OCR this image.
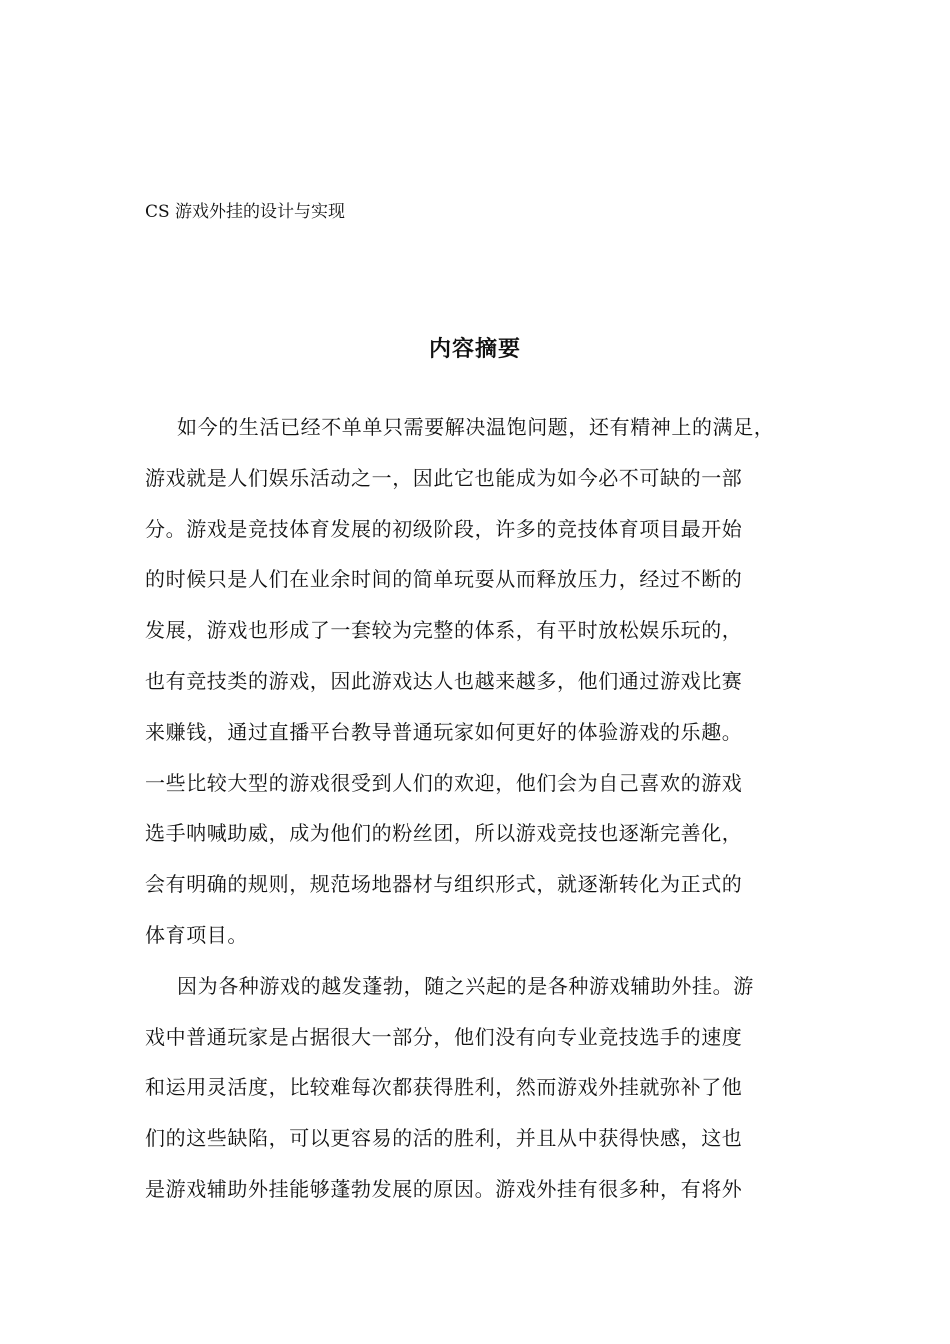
CS 游戏外挂的设计与实现
内容摘要
如今的生活已经不单单只需要解决温饱问题，还有精神上的满足，
游戏就是人们娱乐活动之一，因此它也能成为如今必不可缺的一部
分。游戏是竞技体育发展的初级阶段，许多的竞技体育项目最开始
的时候只是人们在业余时间的简单玩耍从而释放压力，经过不断的
发展，游戏也形成了一套较为完整的体系，有平时放松娱乐玩的，
也有竞技类的游戏，因此游戏达人也越来越多，他们通过游戏比赛
来赚钱，通过直播平台教导普通玩家如何更好的体验游戏的乐趣。
一些比较大型的游戏很受到人们的欢迎，他们会为自己喜欢的游戏
选手呐喊助威，成为他们的粉丝团，所以游戏竞技也逐渐完善化，
会有明确的规则，规范场地器材与组织形式，就逐渐转化为正式的
体育项目。
因为各种游戏的越发蓬勃，随之兴起的是各种游戏辅助外挂。游
戏中普通玩家是占据很大一部分，他们没有向专业竞技选手的速度
和运用灵活度，比较难每次都获得胜利，然而游戏外挂就弥补了他
们的这些缺陷，可以更容易的活的胜利，并且从中获得快感，这也
是游戏辅助外挂能够蓬勃发展的原因。游戏外挂有很多种，有将外
